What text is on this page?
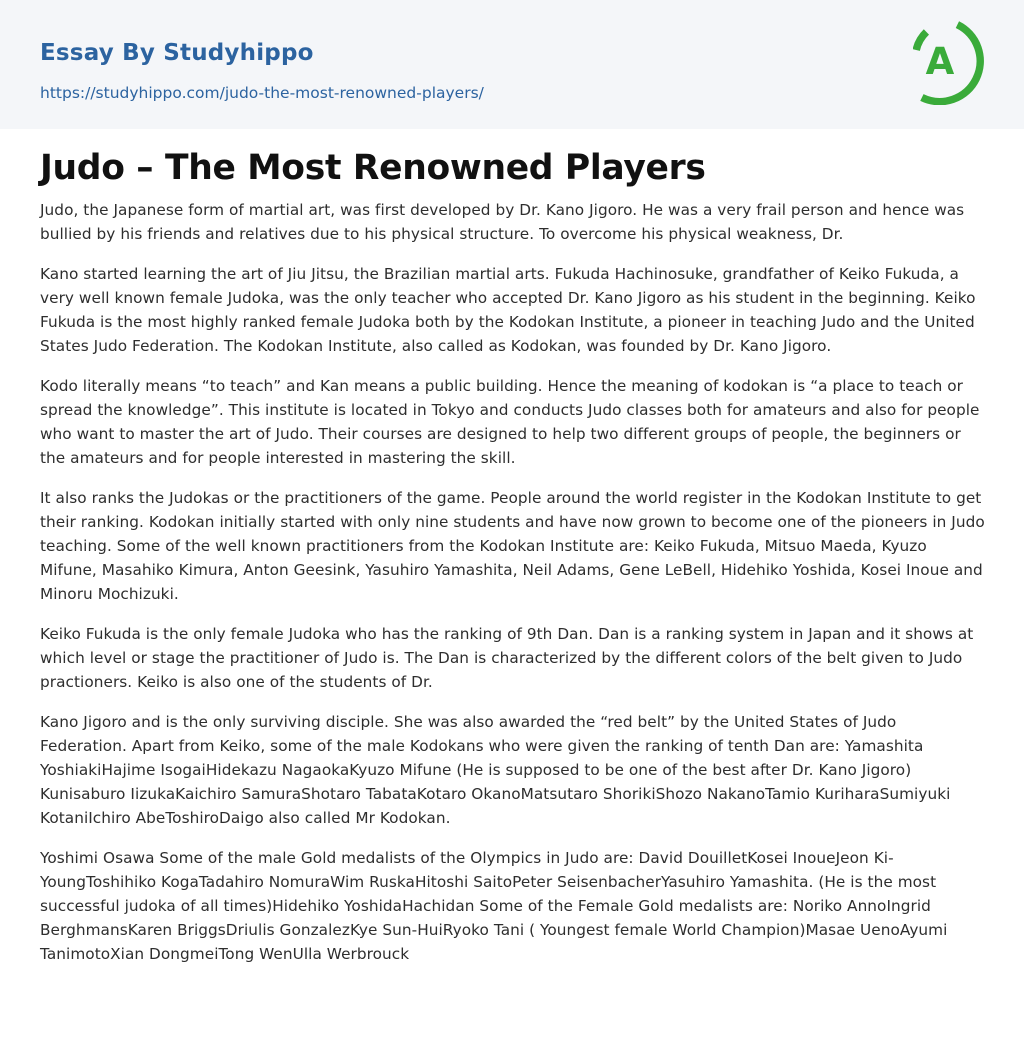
Essay By Studyhippo
https://studyhippo.com/judo-the-most-renowned-players/
A
Judo – The Most Renowned Players

Judo, the Japanese form of martial art, was first developed by Dr. Kano Jigoro. He was a very frail person and hence was bullied by his friends and relatives due to his physical structure. To overcome his physical weakness, Dr.

Kano started learning the art of Jiu Jitsu, the Brazilian martial arts. Fukuda Hachinosuke, grandfather of Keiko Fukuda, a very well known female Judoka, was the only teacher who accepted Dr. Kano Jigoro as his student in the beginning. Keiko Fukuda is the most highly ranked female Judoka both by the Kodokan Institute, a pioneer in teaching Judo and the United States Judo Federation. The Kodokan Institute, also called as Kodokan, was founded by Dr. Kano Jigoro.

Kodo literally means “to teach” and Kan means a public building. Hence the meaning of kodokan is “a place to teach or spread the knowledge”. This institute is located in Tokyo and conducts Judo classes both for amateurs and also for people who want to master the art of Judo. Their courses are designed to help two different groups of people, the beginners or the amateurs and for people interested in mastering the skill.

It also ranks the Judokas or the practitioners of the game. People around the world register in the Kodokan Institute to get their ranking. Kodokan initially started with only nine students and have now grown to become one of the pioneers in Judo teaching. Some of the well known practitioners from the Kodokan Institute are: Keiko Fukuda, Mitsuo Maeda, Kyuzo Mifune, Masahiko Kimura, Anton Geesink, Yasuhiro Yamashita, Neil Adams, Gene LeBell, Hidehiko Yoshida, Kosei Inoue and Minoru Mochizuki.

Keiko Fukuda is the only female Judoka who has the ranking of 9th Dan. Dan is a ranking system in Japan and it shows at which level or stage the practitioner of Judo is. The Dan is characterized by the different colors of the belt given to Judo practioners. Keiko is also one of the students of Dr.

Kano Jigoro and is the only surviving disciple. She was also awarded the “red belt” by the United States of Judo Federation. Apart from Keiko, some of the male Kodokans who were given the ranking of tenth Dan are: Yamashita YoshiakiHajime IsogaiHidekazu NagaokaKyuzo Mifune (He is supposed to be one of the best after Dr. Kano Jigoro) Kunisaburo IizukaKaichiro SamuraShotaro TabataKotaro OkanoMatsutaro ShorikiShozo NakanoTamio KuriharaSumiyuki KotaniIchiro AbeToshiroDaigo also called Mr Kodokan.

Yoshimi Osawa Some of the male Gold medalists of the Olympics in Judo are: David DouilletKosei InoueJeon Ki-YoungToshihiko KogaTadahiro NomuraWim RuskaHitoshi SaitoPeter SeisenbacherYasuhiro Yamashita. (He is the most successful judoka of all times)Hidehiko YoshidaHachidan Some of the Female Gold medalists are: Noriko AnnoIngrid BerghmansKaren BriggsDriulis GonzalezKye Sun-HuiRyoko Tani ( Youngest female World Champion)Masae UenoAyumi TanimotoXian DongmeiTong WenUlla Werbrouck
